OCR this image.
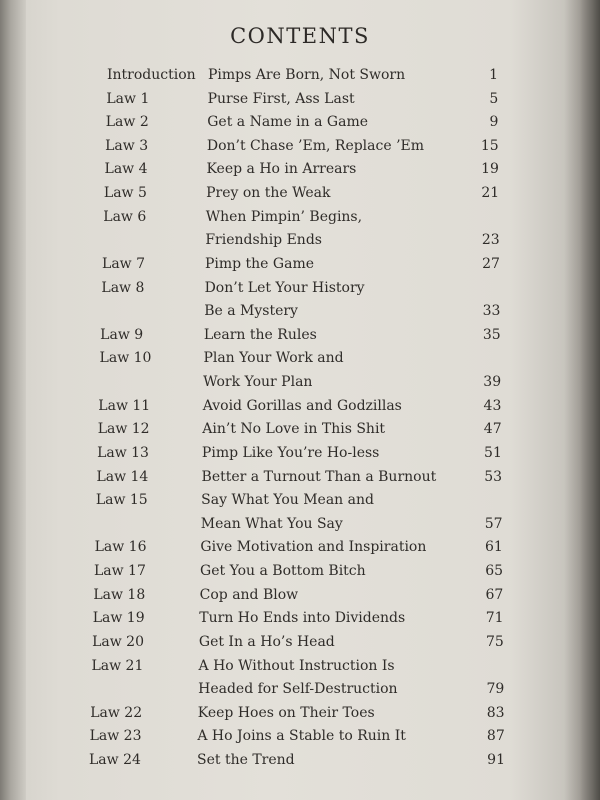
CONTENTS
Introduction Pimps Are Born, Not Sworn	1
Law 1	Purse First, Ass Last	5
Law 2	Get a Name in a Game	9
Law 3	Don’t Chase ’Em, Replace ’Em	15
Law 4	Keep a Ho in Arrears	19
Law 5	Prey on the Weak	21
Law 6	When Pimpin’ Begins,
Friendship Ends	23
Law 7	Pimp the Game	27
Law 8	Don’t Let Your History
Be a Mystery	33
Law 9	Learn the Rules	35
Law 10	Plan Your Work and
Work Your Plan	39
Law 11	Avoid Gorillas and Godzillas	43
Law 12	Ain’t No Love in This Shit	47
Law 13	Pimp Like You’re Ho-less	51
Law 14	Better a Turnout Than a Burnout	53
Law 15	Say What You Mean and
Mean What You Say	57
Law 16	Give Motivation and Inspiration	61
Law 17	Get You a Bottom Bitch	65
Law 18	Cop and Blow	67
Law 19	Turn Ho Ends into Dividends	71
Law 20	Get In a Ho’s Head	75
Law 21	A Ho Without Instruction Is
Headed for Self-Destruction	79
Law 22	Keep Hoes on Their Toes	83
Law 23	A Ho Joins a Stable to Ruin It	87
Law 24	Set the Trend	91
